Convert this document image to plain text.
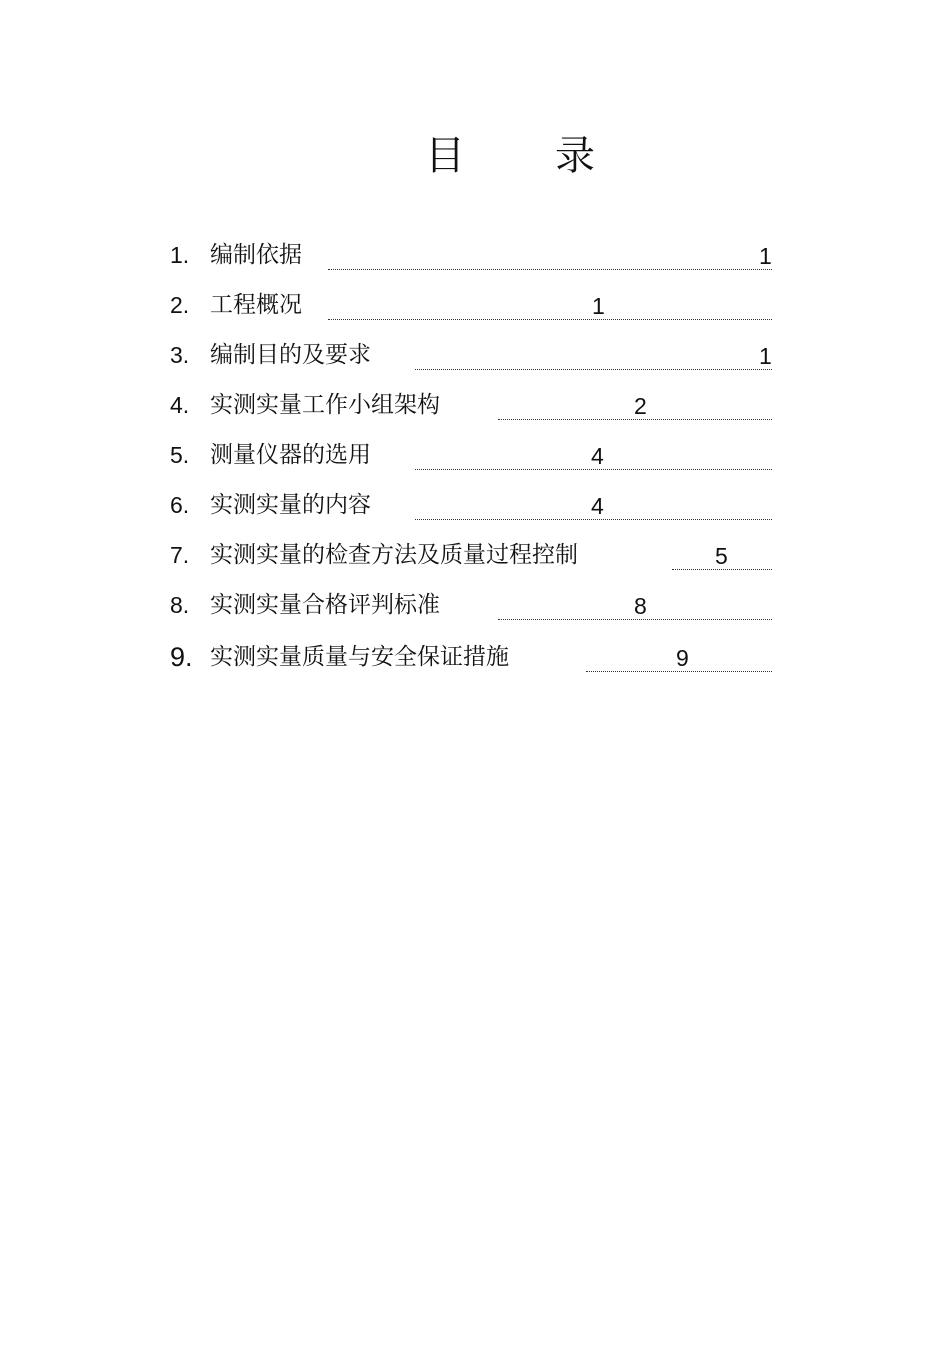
目 录
1. 编制依据	1
2. 工程概况	1
3. 编制目的及要求	1
4. 实测实量工作小组架构	2
5. 测量仪器的选用	4
6. 实测实量的内容	4
7. 实测实量的检查方法及质量过程控制	5
8. 实测实量合格评判标准	8
9. 实测实量质量与安全保证措施	9
